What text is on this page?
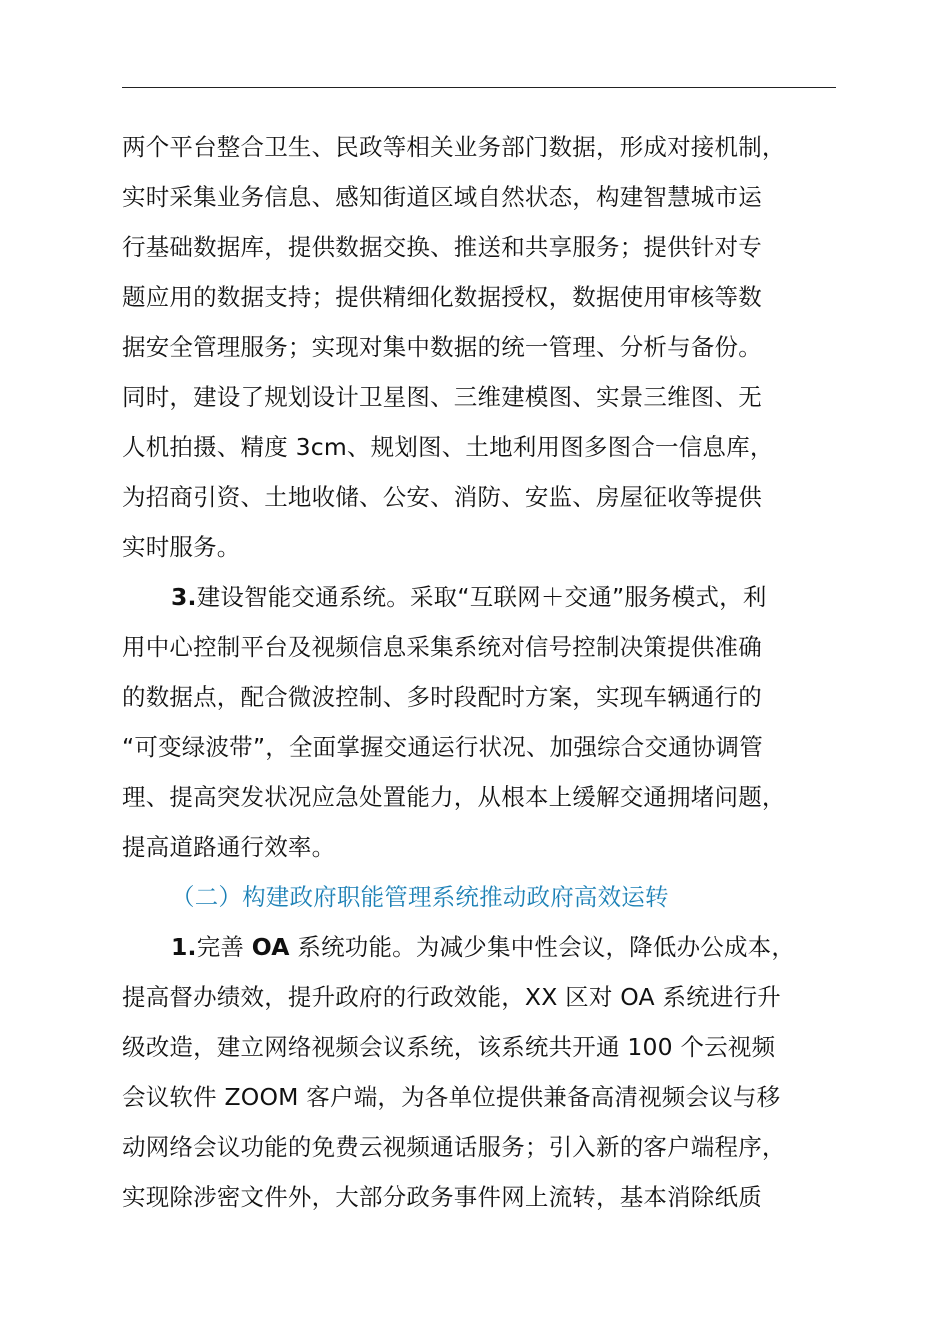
两个平台整合卫生、民政等相关业务部门数据，形成对接机制，
实时采集业务信息、感知街道区域自然状态，构建智慧城市运
行基础数据库，提供数据交换、推送和共享服务；提供针对专
题应用的数据支持；提供精细化数据授权，数据使用审核等数
据安全管理服务；实现对集中数据的统一管理、分析与备份。
同时，建设了规划设计卫星图、三维建模图、实景三维图、无
人机拍摄、精度 3cm、规划图、土地利用图多图合一信息库，
为招商引资、土地收储、公安、消防、安监、房屋征收等提供
实时服务。
3.建设智能交通系统。采取“互联网＋交通”服务模式，利
用中心控制平台及视频信息采集系统对信号控制决策提供准确
的数据点，配合微波控制、多时段配时方案，实现车辆通行的
“可变绿波带”，全面掌握交通运行状况、加强综合交通协调管
理、提高突发状况应急处置能力，从根本上缓解交通拥堵问题，
提高道路通行效率。
（二）构建政府职能管理系统推动政府高效运转
1.完善 OA 系统功能。为减少集中性会议，降低办公成本，
提高督办绩效，提升政府的行政效能，XX 区对 OA 系统进行升
级改造，建立网络视频会议系统，该系统共开通 100 个云视频
会议软件 ZOOM 客户端，为各单位提供兼备高清视频会议与移
动网络会议功能的免费云视频通话服务；引入新的客户端程序，
实现除涉密文件外，大部分政务事件网上流转，基本消除纸质
